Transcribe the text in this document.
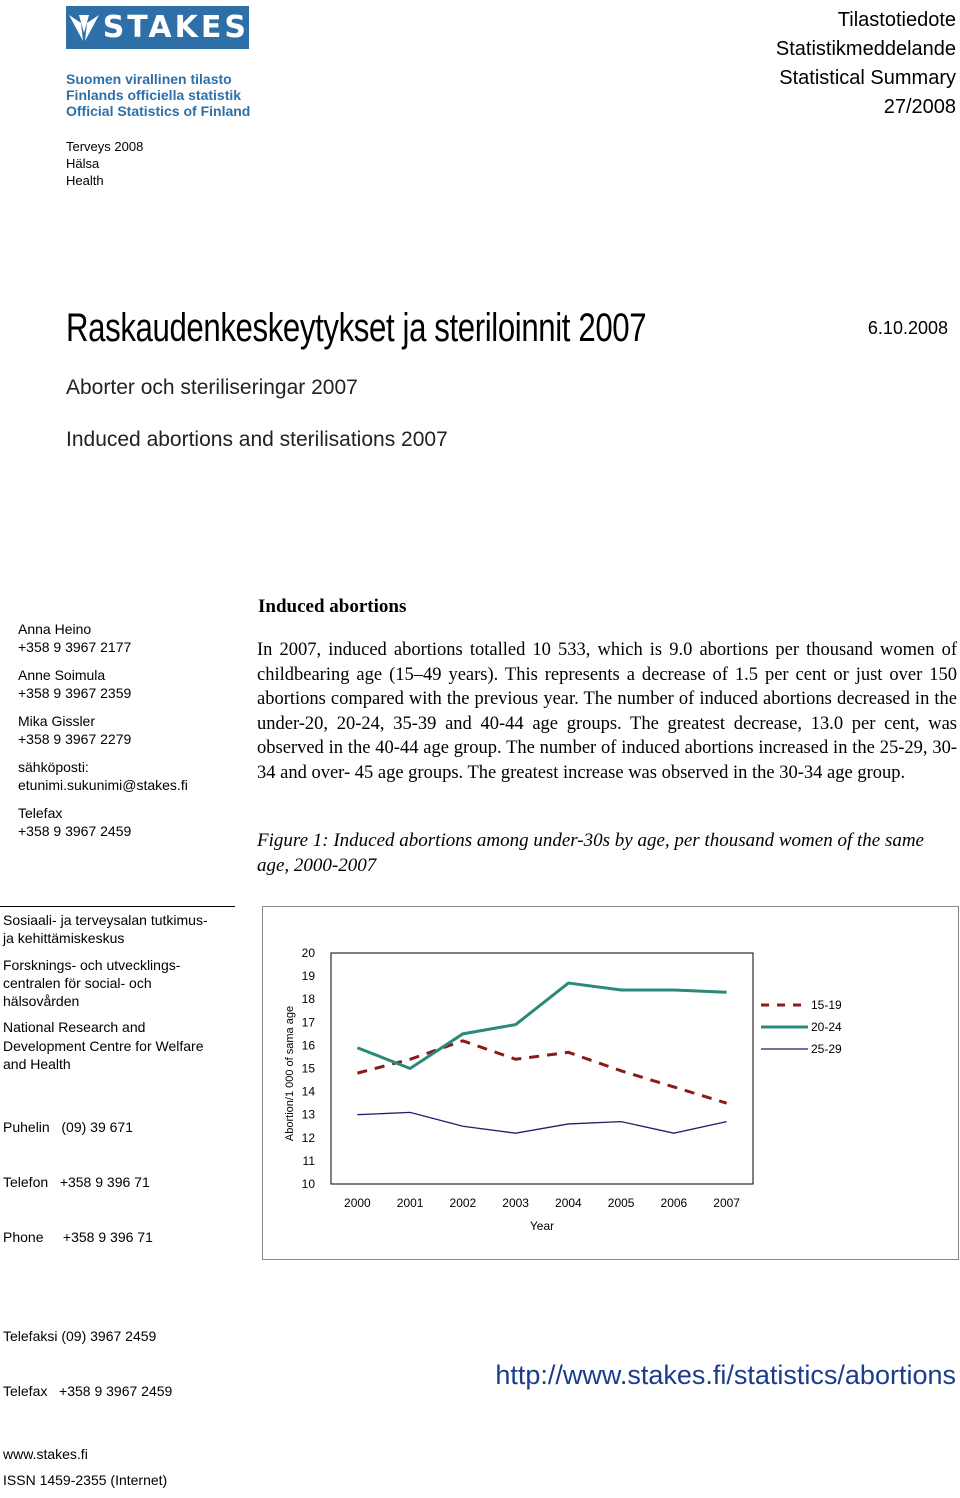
STAKES
Suomen virallinen tilasto
Finlands officiella statistik
Official Statistics of Finland
Terveys 2008
Hälsa
Health
Tilastotiedote
Statistikmeddelande
Statistical Summary
27/2008
Raskaudenkeskeytykset ja steriloinnit 2007	6.10.2008
Aborter och steriliseringar 2007
Induced abortions and sterilisations 2007
Anna Heino
+358 9 3967 2177
Anne Soimula
+358 9 3967 2359
Mika Gissler
+358 9 3967 2279
sähköposti:
etunimi.sukunimi@stakes.fi
Telefax
+358 9 3967 2459
Induced abortions
In 2007, induced abortions totalled 10 533, which is 9.0 abortions per thousand women of childbearing age (15–49 years). This represents a decrease of 1.5 per cent or just over 150 abortions compared with the previous year. The number of induced abortions decreased in the under-20, 20-24, 35-39 and 40-44 age groups. The greatest decrease, 13.0 per cent, was observed in the 40-44 age group. The number of induced abortions increased in the 25-29, 30-34 and over- 45 age groups. The greatest increase was observed in the 30-34 age group.
Figure 1: Induced abortions among under-30s by age, per thousand women of the same age, 2000-2007
Sosiaali- ja terveysalan tutkimus-
ja kehittämiskeskus
Forsknings- och utvecklings-
centralen för social- och
hälsovården
National Research and
Development Centre for Welfare
and Health

Puhelin   (09) 39 671

Telefon   +358 9 396 71

Phone     +358 9 396 71

Telefaksi (09) 3967 2459

Telefax   +358 9 3967 2459

www.stakes.fi
ISSN 1459-2355 (Internet)
20
19
18
17
16
15
14
13
12
11
10
2000 2001 2002 2003 2004 2005 2006 2007
Year
Abortion/1 000 of sama age
15-19
20-24
25-29
http://www.stakes.fi/statistics/abortions
